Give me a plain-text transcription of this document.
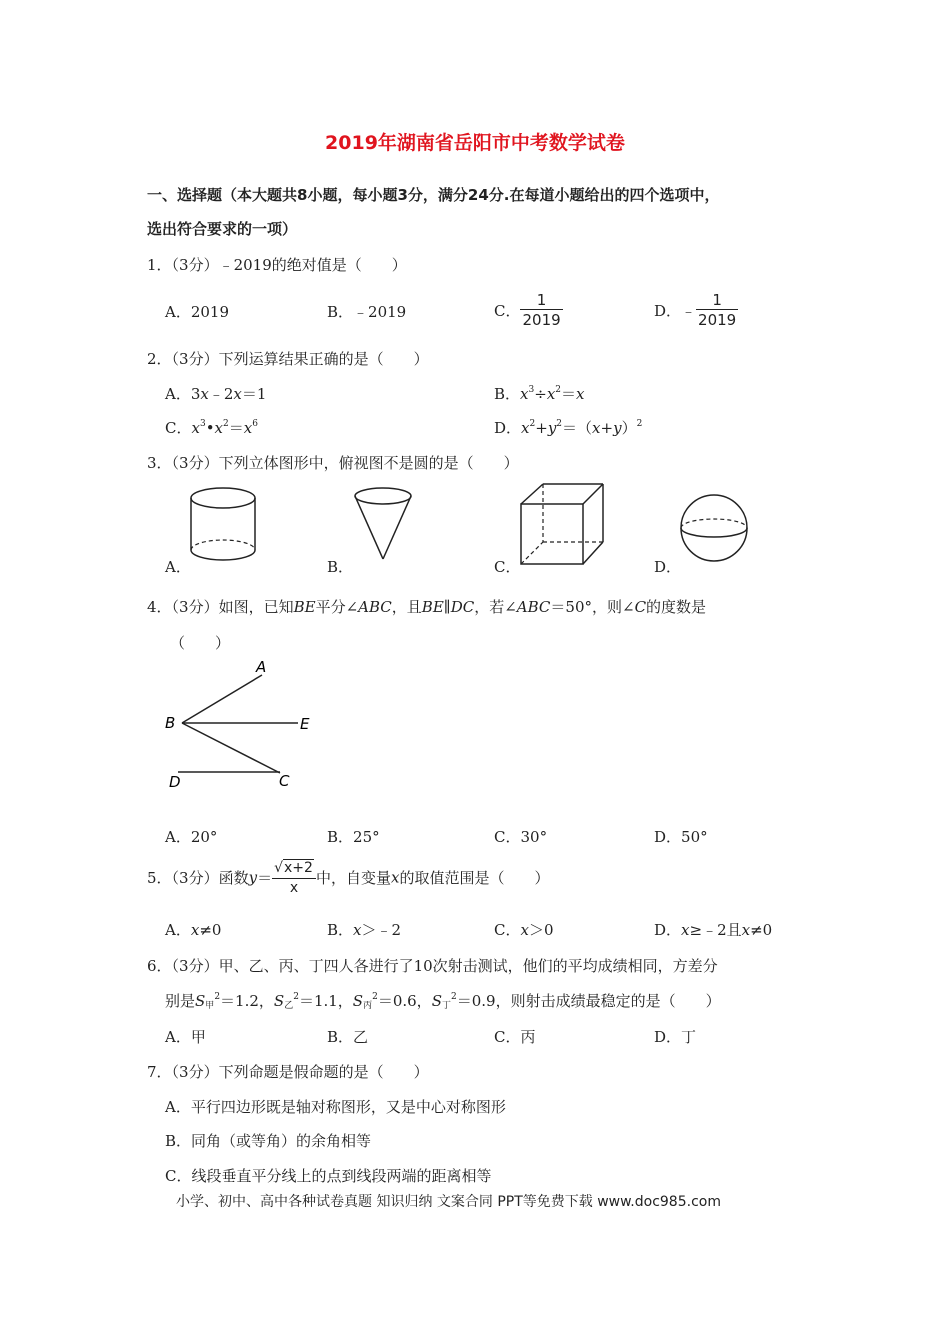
2019年湖南省岳阳市中考数学试卷
一、选择题（本大题共8小题，每小题3分，满分24分.在每道小题给出的四个选项中，
选出符合要求的一项）
1．（3分）﹣2019的绝对值是（　　）
A．2019	B．﹣2019	C． $\frac{1}{2019}$	D．﹣ $\frac{1}{2019}$
2．（3分）下列运算结果正确的是（　　）
A．3x﹣2x＝1	B．$x^3\div x^2=x$
C．$x^3•x^2=x^6$	D．$x^2+y^2=(x+y)^2$
3．（3分）下列立体图形中，俯视图不是圆的是（　　）
A．	B．	C．	D．
4．（3分）如图，已知BE平分∠ABC，且BE∥DC，若∠ABC＝50°，则∠C的度数是
（　　）
A
B	E
D	C
A．20°	B．25°	C．30°	D．50°
5．（3分）函数$y= \frac{√x+2}{x}$ 中，自变量x的取值范围是（　　）
A．x≠0	B．x＞﹣2	C．x＞0	D．x≥﹣2且x≠0
6．（3分）甲、乙、丙、丁四人各进行了10次射击测试，他们的平均成绩相同，方差分
别是$S_甲^2=1.2$，$S_乙^2=1.1$，$S_丙^2=0.6$，$S_丁^2=0.9$，则射击成绩最稳定的是（　　）
A．甲	B．乙	C．丙	D．丁
7．（3分）下列命题是假命题的是（　　）
A．平行四边形既是轴对称图形，又是中心对称图形
B．同角（或等角）的余角相等
C．线段垂直平分线上的点到线段两端的距离相等
小学、初中、高中各种试卷真题 知识归纳 文案合同 PPT等免费下载 www.doc985.com
